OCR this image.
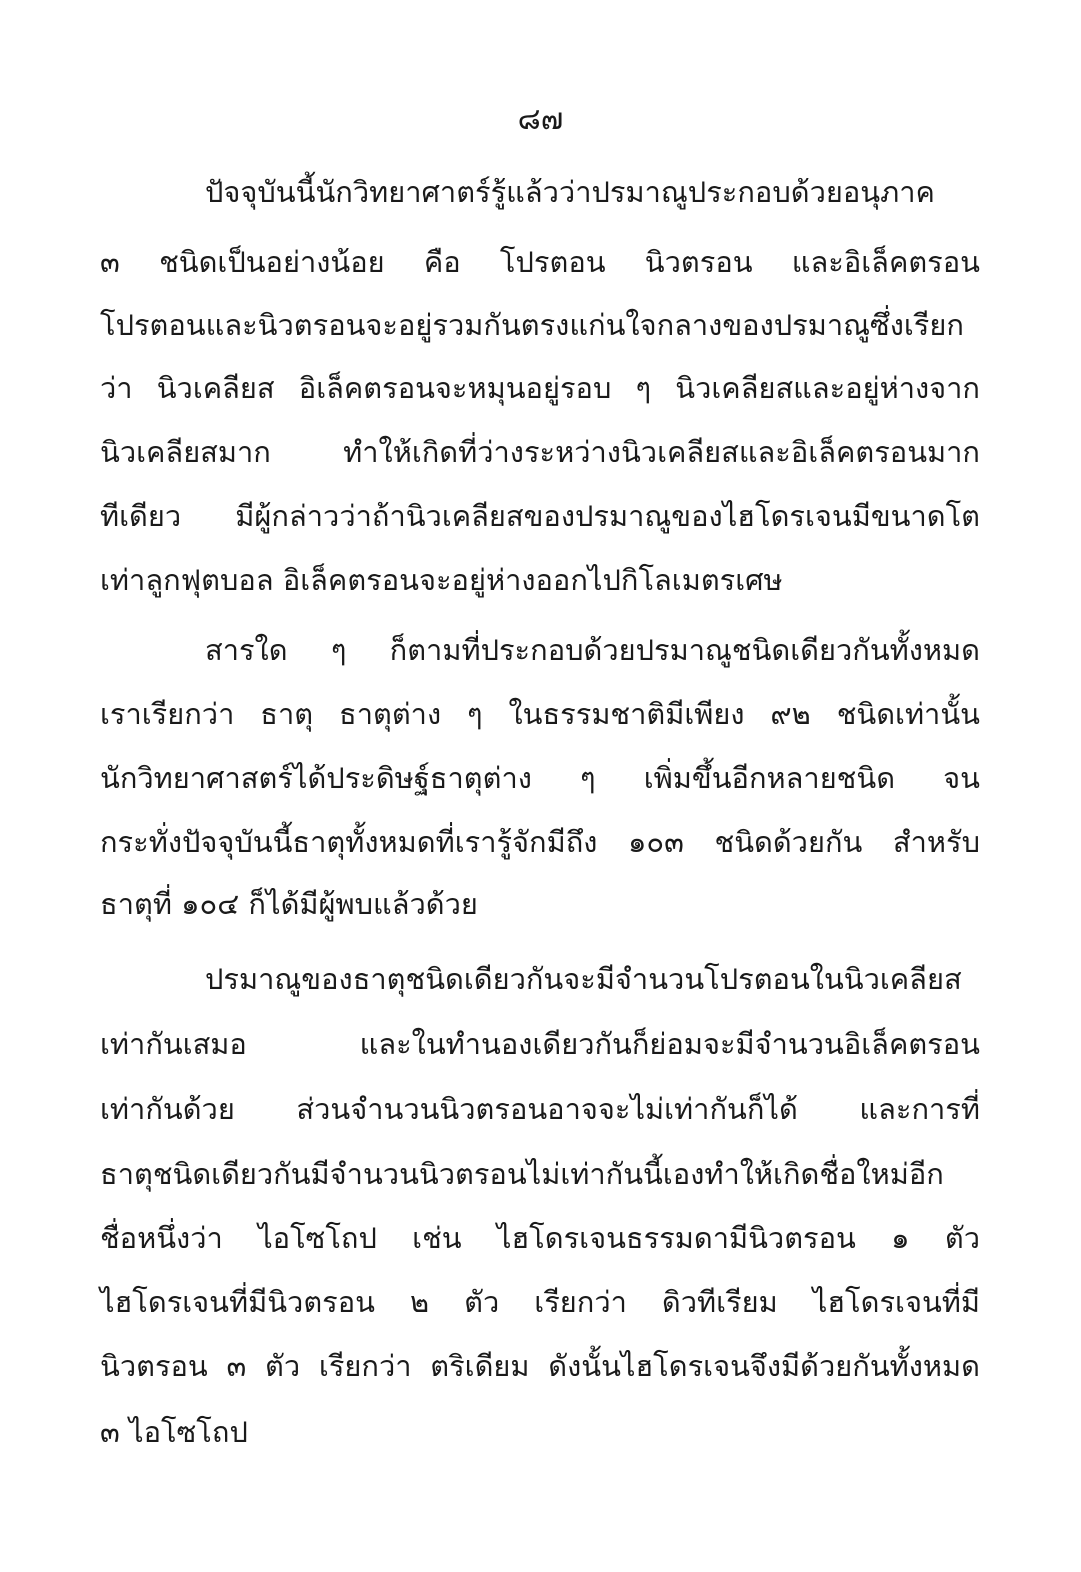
๘๗
ปัจจุบันนี้นักวิทยาศาตร์รู้แล้วว่าปรมาณูประกอบด้วยอนุภาค
๓ ชนิดเป็นอย่างน้อย คือ โปรตอน นิวตรอน และอิเล็คตรอน
โปรตอนและนิวตรอนจะอยู่รวมกันตรงแก่นใจกลางของปรมาณูซึ่งเรียก
ว่า นิวเคลียส อิเล็คตรอนจะหมุนอยู่รอบ ๆ นิวเคลียสและอยู่ห่างจาก
นิวเคลียสมาก ทำให้เกิดที่ว่างระหว่างนิวเคลียสและอิเล็คตรอนมาก
ทีเดียว มีผู้กล่าวว่าถ้านิวเคลียสของปรมาณูของไฮโดรเจนมีขนาดโต
เท่าลูกฟุตบอล อิเล็คตรอนจะอยู่ห่างออกไปกิโลเมตรเศษ
สารใด ๆ ก็ตามที่ประกอบด้วยปรมาณูชนิดเดียวกันทั้งหมด
เราเรียกว่า ธาตุ ธาตุต่าง ๆ ในธรรมชาติมีเพียง ๙๒ ชนิดเท่านั้น
นักวิทยาศาสตร์ได้ประดิษฐ์ธาตุต่าง ๆ เพิ่มขึ้นอีกหลายชนิด จน
กระทั่งปัจจุบันนี้ธาตุทั้งหมดที่เรารู้จักมีถึง ๑๐๓ ชนิดด้วยกัน สำหรับ
ธาตุที่ ๑๐๔ ก็ได้มีผู้พบแล้วด้วย
ปรมาณูของธาตุชนิดเดียวกันจะมีจำนวนโปรตอนในนิวเคลียส
เท่ากันเสมอ และในทำนองเดียวกันก็ย่อมจะมีจำนวนอิเล็คตรอน
เท่ากันด้วย ส่วนจำนวนนิวตรอนอาจจะไม่เท่ากันก็ได้ และการที่
ธาตุชนิดเดียวกันมีจำนวนนิวตรอนไม่เท่ากันนี้เองทำให้เกิดชื่อใหม่อีก
ชื่อหนึ่งว่า ไอโซโถป เช่น ไฮโดรเจนธรรมดามีนิวตรอน ๑ ตัว
ไฮโดรเจนที่มีนิวตรอน ๒ ตัว เรียกว่า ดิวทีเรียม ไฮโดรเจนที่มี
นิวตรอน ๓ ตัว เรียกว่า ตริเดียม ดังนั้นไฮโดรเจนจึงมีด้วยกันทั้งหมด
๓ ไอโซโถป
